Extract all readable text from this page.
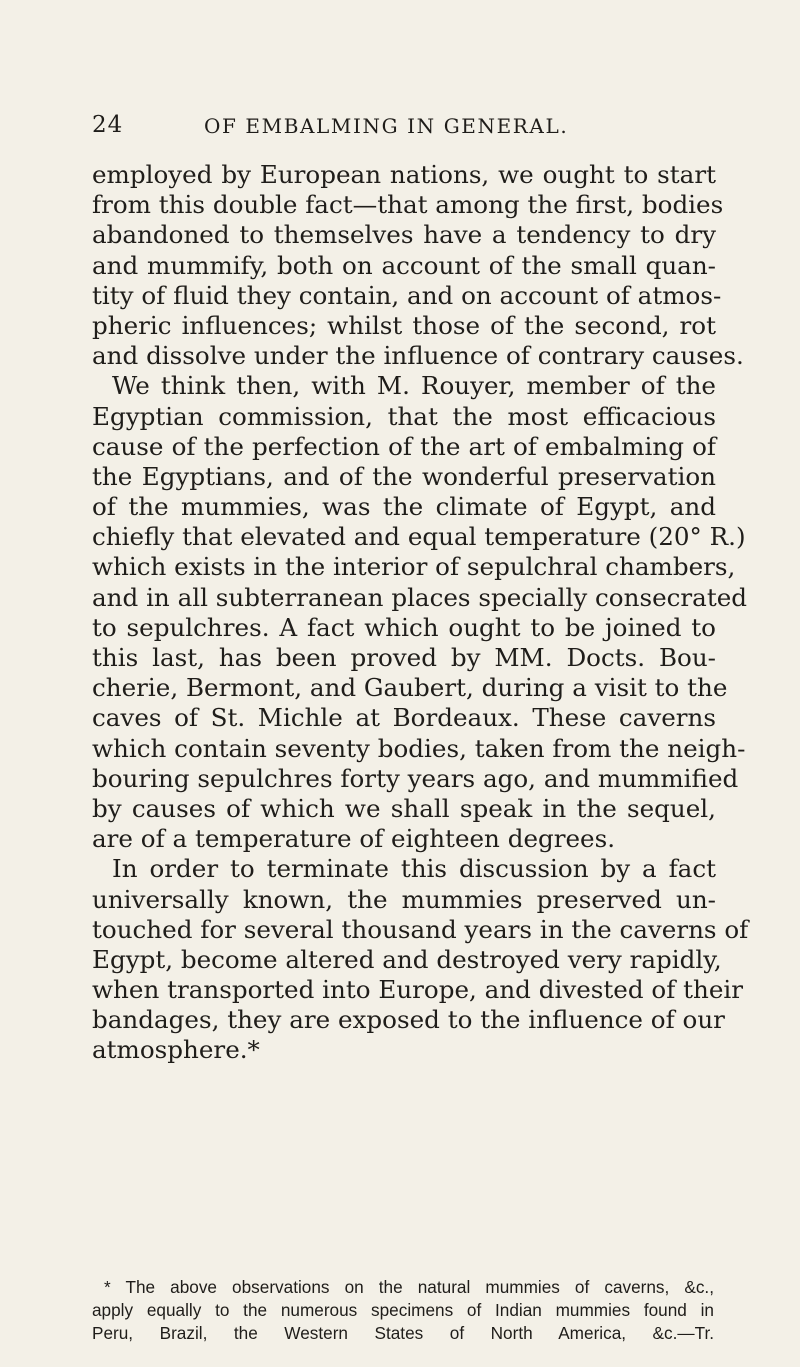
24	OF EMBALMING IN GENERAL.
employed by European nations, we ought to start
from this double fact—that among the first, bodies
abandoned to themselves have a tendency to dry
and mummify, both on account of the small quan-
tity of fluid they contain, and on account of atmos-
pheric influences; whilst those of the second, rot
and dissolve under the influence of contrary causes.
We think then, with M. Rouyer, member of the
Egyptian commission, that the most efficacious
cause of the perfection of the art of embalming of
the Egyptians, and of the wonderful preservation
of the mummies, was the climate of Egypt, and
chiefly that elevated and equal temperature (20° R.)
which exists in the interior of sepulchral chambers,
and in all subterranean places specially consecrated
to sepulchres. A fact which ought to be joined to
this last, has been proved by MM. Docts. Bou-
cherie, Bermont, and Gaubert, during a visit to the
caves of St. Michle at Bordeaux. These caverns
which contain seventy bodies, taken from the neigh-
bouring sepulchres forty years ago, and mummified
by causes of which we shall speak in the sequel,
are of a temperature of eighteen degrees.
In order to terminate this discussion by a fact
universally known, the mummies preserved un-
touched for several thousand years in the caverns of
Egypt, become altered and destroyed very rapidly,
when transported into Europe, and divested of their
bandages, they are exposed to the influence of our
atmosphere.*
* The above observations on the natural mummies of caverns, &c.,
apply equally to the numerous specimens of Indian mummies found in
Peru, Brazil, the Western States of North America, &c.—Tr.
